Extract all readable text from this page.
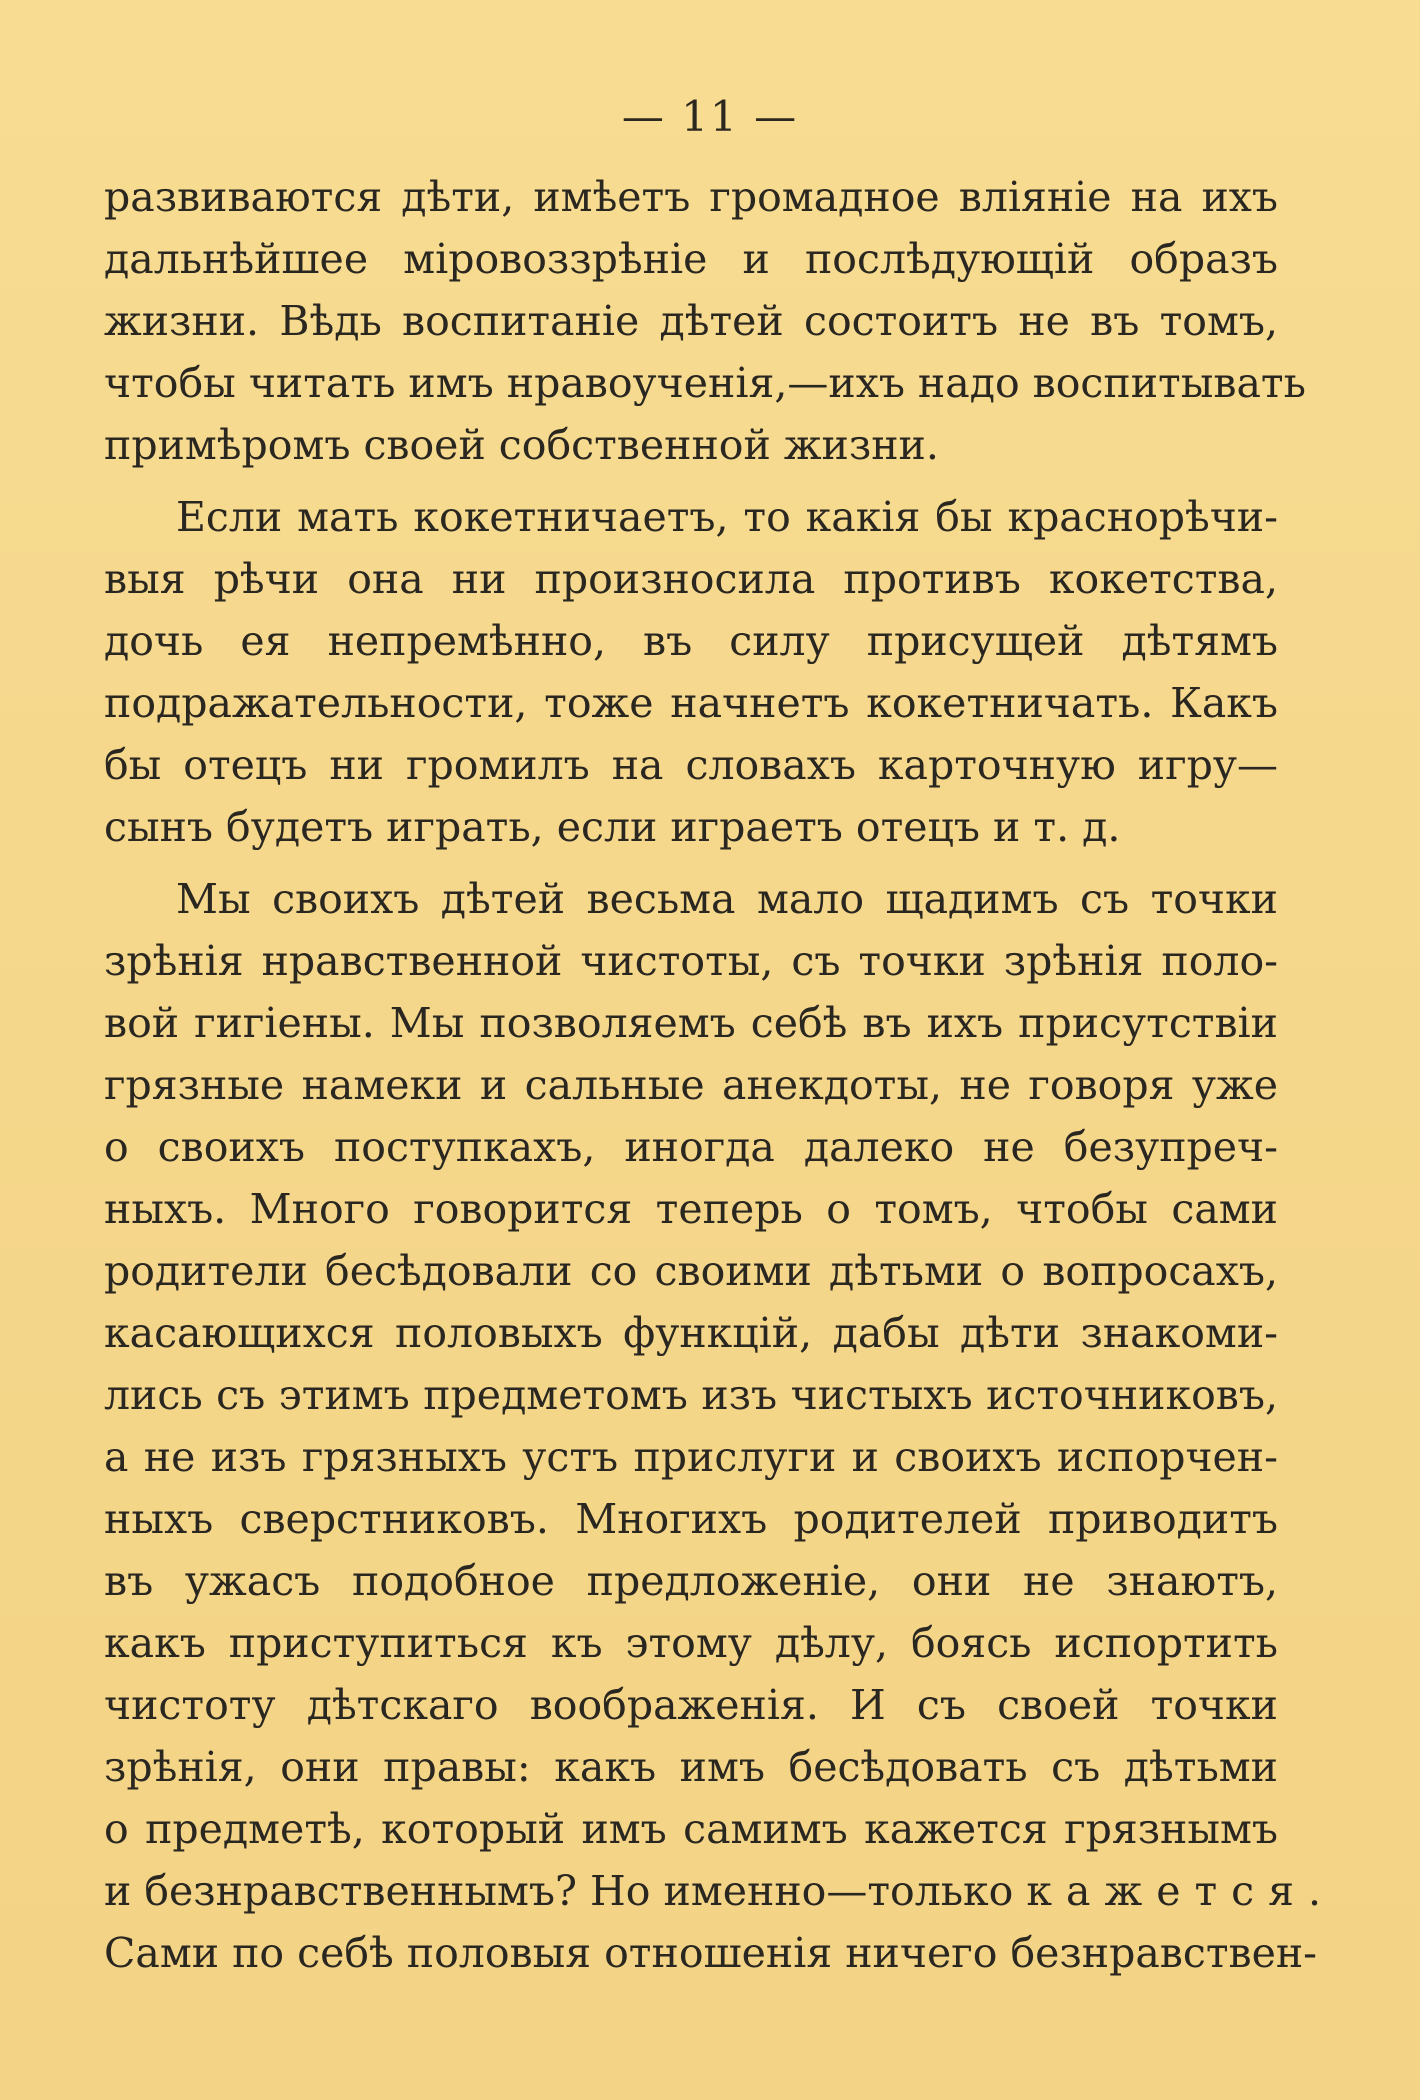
— 11 —
развиваются дѣти, имѣетъ громадное вліяніе на ихъ
дальнѣйшее міровоззрѣніе и послѣдующій образъ
жизни. Вѣдь воспитаніе дѣтей состоитъ не въ томъ,
чтобы читать имъ нравоученія,—ихъ надо воспитывать
примѣромъ своей собственной жизни.
Если мать кокетничаетъ, то какія бы краснорѣчи-
выя рѣчи она ни произносила противъ кокетства,
дочь ея непремѣнно, въ силу присущей дѣтямъ
подражательности, тоже начнетъ кокетничать. Какъ
бы отецъ ни громилъ на словахъ карточную игру—
сынъ будетъ играть, если играетъ отецъ и т. д.
Мы своихъ дѣтей весьма мало щадимъ съ точки
зрѣнія нравственной чистоты, съ точки зрѣнія поло-
вой гигіены. Мы позволяемъ себѣ въ ихъ присутствіи
грязные намеки и сальные анекдоты, не говоря уже
о своихъ поступкахъ, иногда далеко не безупреч-
ныхъ. Много говорится теперь о томъ, чтобы сами
родители бесѣдовали со своими дѣтьми о вопросахъ,
касающихся половыхъ функцій, дабы дѣти знакоми-
лись съ этимъ предметомъ изъ чистыхъ источниковъ,
а не изъ грязныхъ устъ прислуги и своихъ испорчен-
ныхъ сверстниковъ. Многихъ родителей приводитъ
въ ужасъ подобное предложеніе, они не знаютъ,
какъ приступиться къ этому дѣлу, боясь испортить
чистоту дѣтскаго воображенія. И съ своей точки
зрѣнія, они правы: какъ имъ бесѣдовать съ дѣтьми
о предметѣ, который имъ самимъ кажется грязнымъ
и безнравственнымъ? Но именно—только кажется.
Сами по себѣ половыя отношенія ничего безнравствен-
